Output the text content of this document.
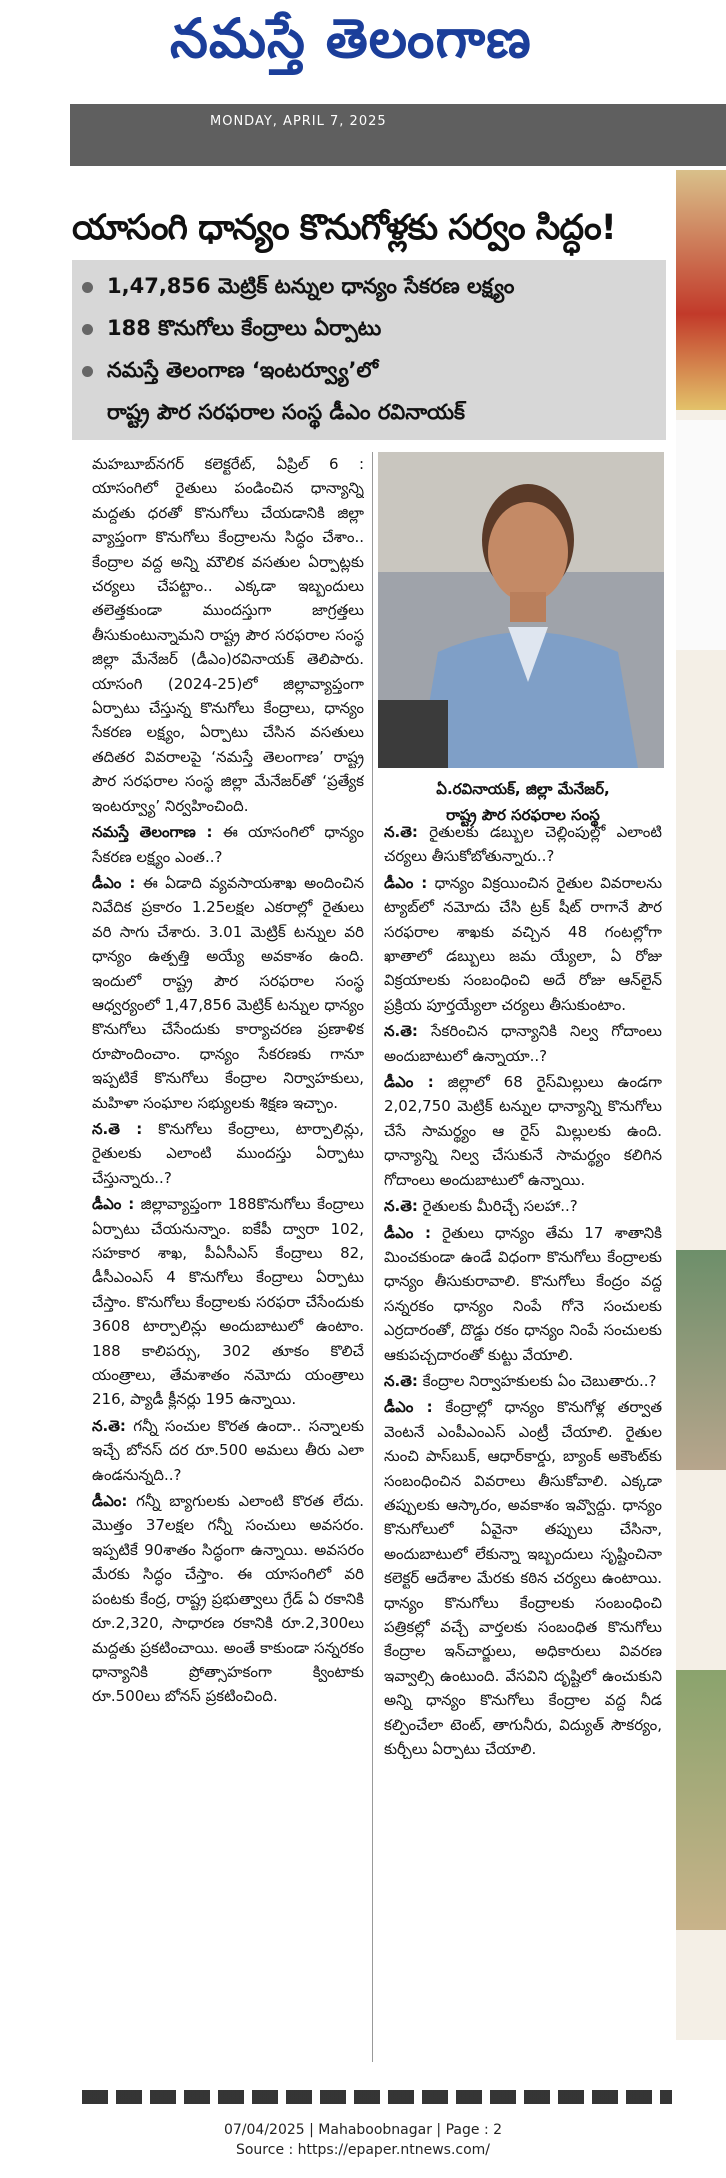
నమస్తే తెలంగాణ
MONDAY, APRIL 7, 2025
యాసంగి ధాన్యం కొనుగోళ్లకు సర్వం సిద్ధం!
1,47,856 మెట్రిక్ టన్నుల ధాన్యం సేకరణ లక్ష్యం
188 కొనుగోలు కేంద్రాలు ఏర్పాటు
నమస్తే తెలంగాణ ‘ఇంటర్వ్యూ’లో
రాష్ట్ర పౌర సరఫరాల సంస్థ డీఎం రవినాయక్
ఏ.రవినాయక్, జిల్లా మేనేజర్,
రాష్ట్ర పౌర సరఫరాల సంస్థ

మహబూబ్‌నగర్ కలెక్టరేట్, ఏప్రిల్ 6 : యాసంగిలో రైతులు పండించిన ధాన్యాన్ని మద్దతు ధరతో కొనుగోలు చేయడానికి జిల్లా వ్యాప్తంగా కొనుగోలు కేంద్రాలను సిద్ధం చేశాం.. కేంద్రాల వద్ద అన్ని మౌలిక వసతుల ఏర్పాట్లకు చర్యలు చేపట్టాం.. ఎక్కడా ఇబ్బందులు తలెత్తకుండా ముందస్తుగా జాగ్రత్తలు తీసుకుంటున్నామని రాష్ట్ర పౌర సరఫరాల సంస్థ జిల్లా మేనేజర్ (డీఎం)రవినాయక్ తెలిపారు. యాసంగి (2024-25)లో జిల్లావ్యాప్తంగా ఏర్పాటు చేస్తున్న కొనుగోలు కేంద్రాలు, ధాన్యం సేకరణ లక్ష్యం, ఏర్పాటు చేసిన వసతులు తదితర వివరాలపై ‘నమస్తే తెలంగాణ’ రాష్ట్ర పౌర సరఫరాల సంస్థ జిల్లా మేనేజర్‌తో ‘ప్రత్యేక ఇంటర్వ్యూ’ నిర్వహించింది.

నమస్తే తెలంగాణ : ఈ యాసంగిలో ధాన్యం సేకరణ లక్ష్యం ఎంత..?

డీఎం : ఈ ఏడాది వ్యవసాయశాఖ అందించిన నివేదిక ప్రకారం 1.25లక్షల ఎకరాల్లో రైతులు వరి సాగు చేశారు. 3.01 మెట్రిక్ టన్నుల వరి ధాన్యం ఉత్పత్తి అయ్యే అవకాశం ఉంది. ఇందులో రాష్ట్ర పౌర సరఫరాల సంస్థ ఆధ్వర్యంలో 1,47,856 మెట్రిక్ టన్నుల ధాన్యం కొనుగోలు చేసేందుకు కార్యాచరణ ప్రణాళిక రూపొందించాం. ధాన్యం సేకరణకు గానూ ఇప్పటికే కొనుగోలు కేంద్రాల నిర్వాహకులు, మహిళా సంఘాల సభ్యులకు శిక్షణ ఇచ్చాం.

న.తె : కొనుగోలు కేంద్రాలు, టార్పాలిన్లు, రైతులకు ఎలాంటి ముందస్తు ఏర్పాటు చేస్తున్నారు..?

డీఎం : జిల్లావ్యాప్తంగా 188కొనుగోలు కేంద్రాలు ఏర్పాటు చేయనున్నాం. ఐకేపీ ద్వారా 102, సహకార శాఖ, పీఏసీఎస్ కేంద్రాలు 82, డీసీఎంఎస్ 4 కొనుగోలు కేంద్రాలు ఏర్పాటు చేస్తాం. కొనుగోలు కేంద్రాలకు సరఫరా చేసేందుకు 3608 టార్పాలిన్లు అందుబాటులో ఉంటాం. 188 కాలిపర్సు, 302 తూకం కొలిచే యంత్రాలు, తేమశాతం నమోదు యంత్రాలు 216, ప్యాడీ క్లీనర్లు 195 ఉన్నాయి.

న.తె: గన్నీ సంచుల కొరత ఉందా.. సన్నాలకు ఇచ్చే బోనస్ దర రూ.500 అమలు తీరు ఎలా ఉండనున్నది..?

డీఎం: గన్నీ బ్యాగులకు ఎలాంటి కొరత లేదు. మొత్తం 37లక్షల గన్నీ సంచులు అవసరం. ఇప్పటికే 90శాతం సిద్ధంగా ఉన్నాయి. అవసరం మేరకు సిద్ధం చేస్తాం. ఈ యాసంగిలో వరి పంటకు కేంద్ర, రాష్ట్ర ప్రభుత్వాలు గ్రేడ్ ఏ రకానికి రూ.2,320, సాధారణ రకానికి రూ.2,300లు మద్దతు ప్రకటించాయి. అంతే కాకుండా సన్నరకం ధాన్యానికి ప్రోత్సాహకంగా క్వింటాకు రూ.500లు బోనస్ ప్రకటించింది.

న.తె: రైతులకు డబ్బుల చెల్లింపుల్లో ఎలాంటి చర్యలు తీసుకోబోతున్నారు..?

డీఎం : ధాన్యం విక్రయించిన రైతుల వివరాలను ట్యాబ్‌లో నమోదు చేసి ట్రక్ షీట్ రాగానే పౌర సరఫరాల శాఖకు వచ్చిన 48 గంటల్లోగా ఖాతాలో డబ్బులు జమ య్యేలా, ఏ రోజు విక్రయాలకు సంబంధించి అదే రోజు ఆన్‌లైన్ ప్రక్రియ పూర్తయ్యేలా చర్యలు తీసుకుంటాం.

న.తె: సేకరించిన ధాన్యానికి నిల్వ గోదాంలు అందుబాటులో ఉన్నాయా..?

డీఎం : జిల్లాలో 68 రైస్‌మిల్లులు ఉండగా 2,02,750 మెట్రిక్ టన్నుల ధాన్యాన్ని కొనుగోలు చేసే సామర్థ్యం ఆ రైస్ మిల్లులకు ఉంది. ధాన్యాన్ని నిల్వ చేసుకునే సామర్థ్యం కలిగిన గోదాంలు అందుబాటులో ఉన్నాయి.

న.తె: రైతులకు మీరిచ్చే సలహా..?

డీఎం : రైతులు ధాన్యం తేమ 17 శాతానికి మించకుండా ఉండే విధంగా కొనుగోలు కేంద్రాలకు ధాన్యం తీసుకురావాలి. కొనుగోలు కేంద్రం వద్ద సన్నరకం ధాన్యం నింపే గోనె సంచులకు ఎర్రదారంతో, దొడ్డు రకం ధాన్యం నింపే సంచులకు ఆకుపచ్చదారంతో కుట్టు వేయాలి.

న.తె: కేంద్రాల నిర్వాహకులకు ఏం చెబుతారు..?

డీఎం : కేంద్రాల్లో ధాన్యం కొనుగోళ్ల తర్వాత వెంటనే ఎంపీఎంఎస్ ఎంట్రీ చేయాలి. రైతుల నుంచి పాస్‌బుక్, ఆధార్‌కార్డు, బ్యాంక్ అకౌంట్‌కు సంబంధించిన వివరాలు తీసుకోవాలి. ఎక్కడా తప్పులకు ఆస్కారం, అవకాశం ఇవ్వొద్దు. ధాన్యం కొనుగోలులో ఏవైనా తప్పులు చేసినా, అందుబాటులో లేకున్నా ఇబ్బందులు సృష్టించినా కలెక్టర్ ఆదేశాల మేరకు కఠిన చర్యలు ఉంటాయి. ధాన్యం కొనుగోలు కేంద్రాలకు సంబంధించి పత్రికల్లో వచ్చే వార్తలకు సంబంధిత కొనుగోలు కేంద్రాల ఇన్‌చార్జులు, అధికారులు వివరణ ఇవ్వాల్సి ఉంటుంది. వేసవిని దృష్టిలో ఉంచుకుని అన్ని ధాన్యం కొనుగోలు కేంద్రాల వద్ద నీడ కల్పించేలా టెంట్, తాగునీరు, విద్యుత్ సౌకర్యం, కుర్చీలు ఏర్పాటు చేయాలి.

07/04/2025 | Mahaboobnagar | Page : 2
Source : https://epaper.ntnews.com/
